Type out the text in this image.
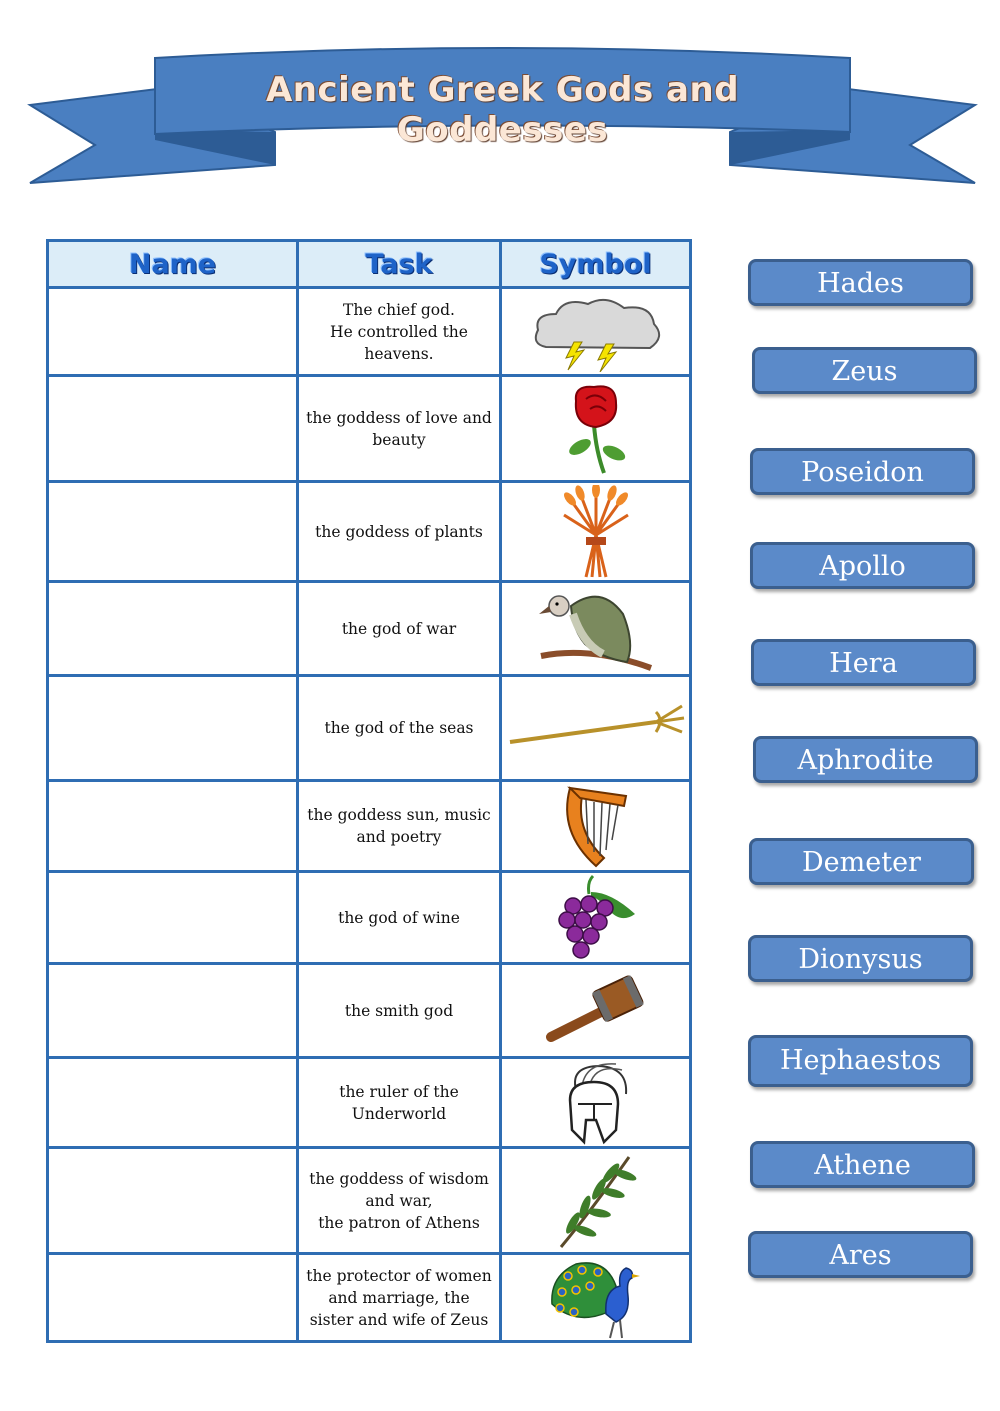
Ancient Greek Gods and Goddesses
Name	Task	Symbol
	The chief god.
He controlled the heavens.	

	the goddess of love and beauty	

	the goddess of plants	

	the god of war	

	the god of the seas	

	the goddess sun, music and poetry	

	the god of wine	

	the smith god	

	the ruler of the Underworld	

	the goddess of wisdom and war,
the patron of Athens	

	the protector of women and marriage, the sister and wife of Zeus	
Hades
Zeus
Poseidon
Apollo
Hera
Aphrodite
Demeter
Dionysus
Hephaestos
Athene
Ares
